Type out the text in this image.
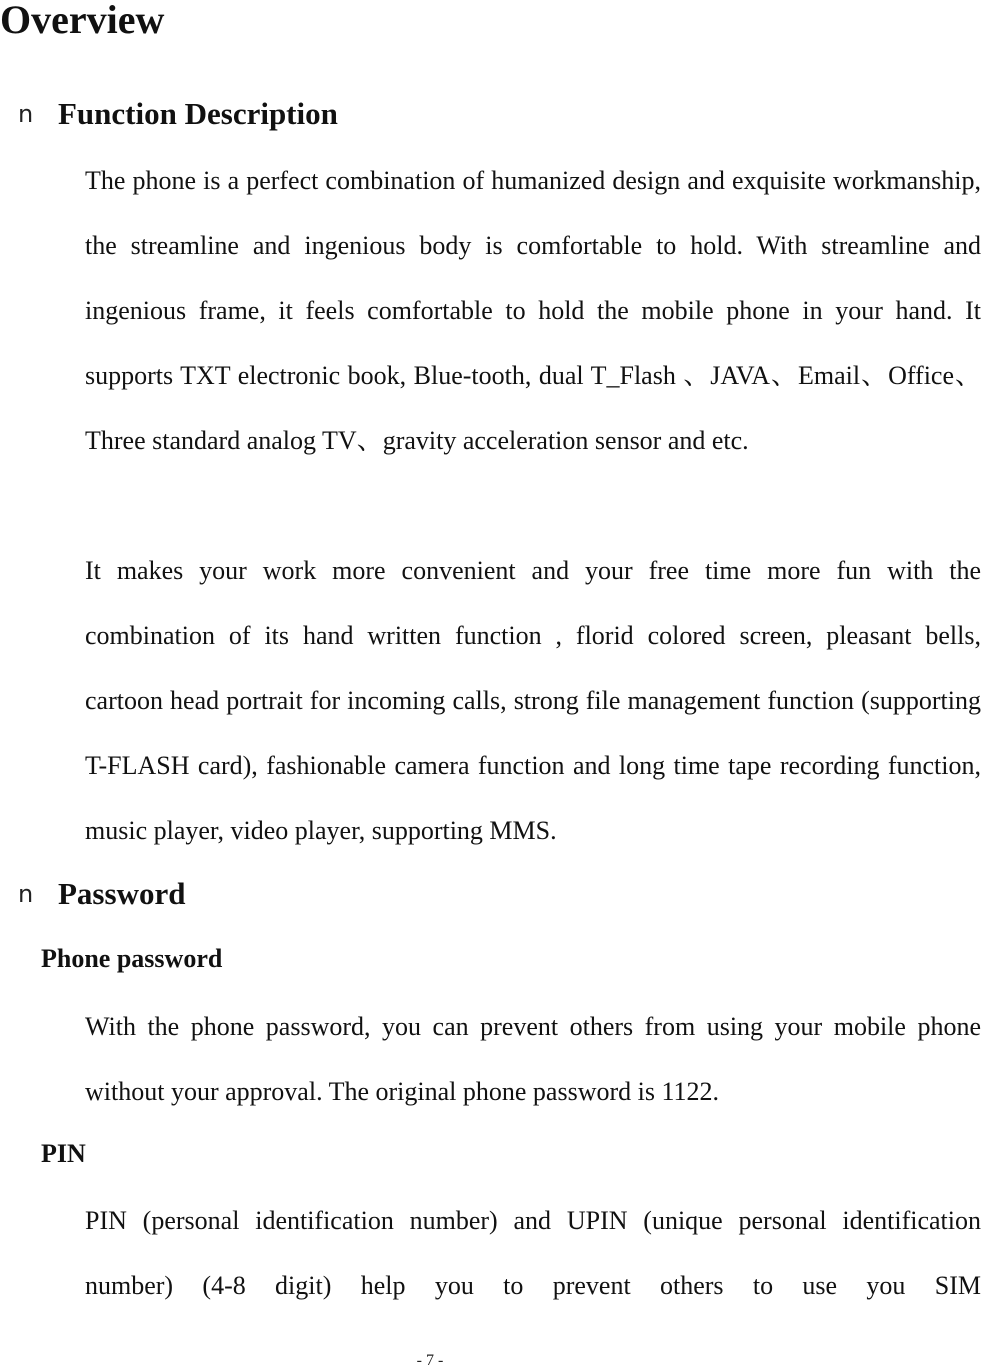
Overview
n Function Description

The phone is a perfect combination of humanized design and exquisite workmanship, the streamline and ingenious body is comfortable to hold. With streamline and ingenious frame, it feels comfortable to hold the mobile phone in your hand. It supports TXT electronic book, Blue-tooth, dual T_Flash 、JAVA、Email、Office、Three standard analog TV、gravity acceleration sensor and etc.

It makes your work more convenient and your free time more fun with the combination of its hand written function , florid colored screen, pleasant bells, cartoon head portrait for incoming calls, strong file management function (supporting T-FLASH card), fashionable camera function and long time tape recording function, music player, video player, supporting MMS.

n Password
Phone password

With the phone password, you can prevent others from using your mobile phone without your approval. The original phone password is 1122.

PIN

PIN (personal identification number) and UPIN (unique personal identification number) (4-8 digit) help you to prevent others to use you SIM

- 7 -
